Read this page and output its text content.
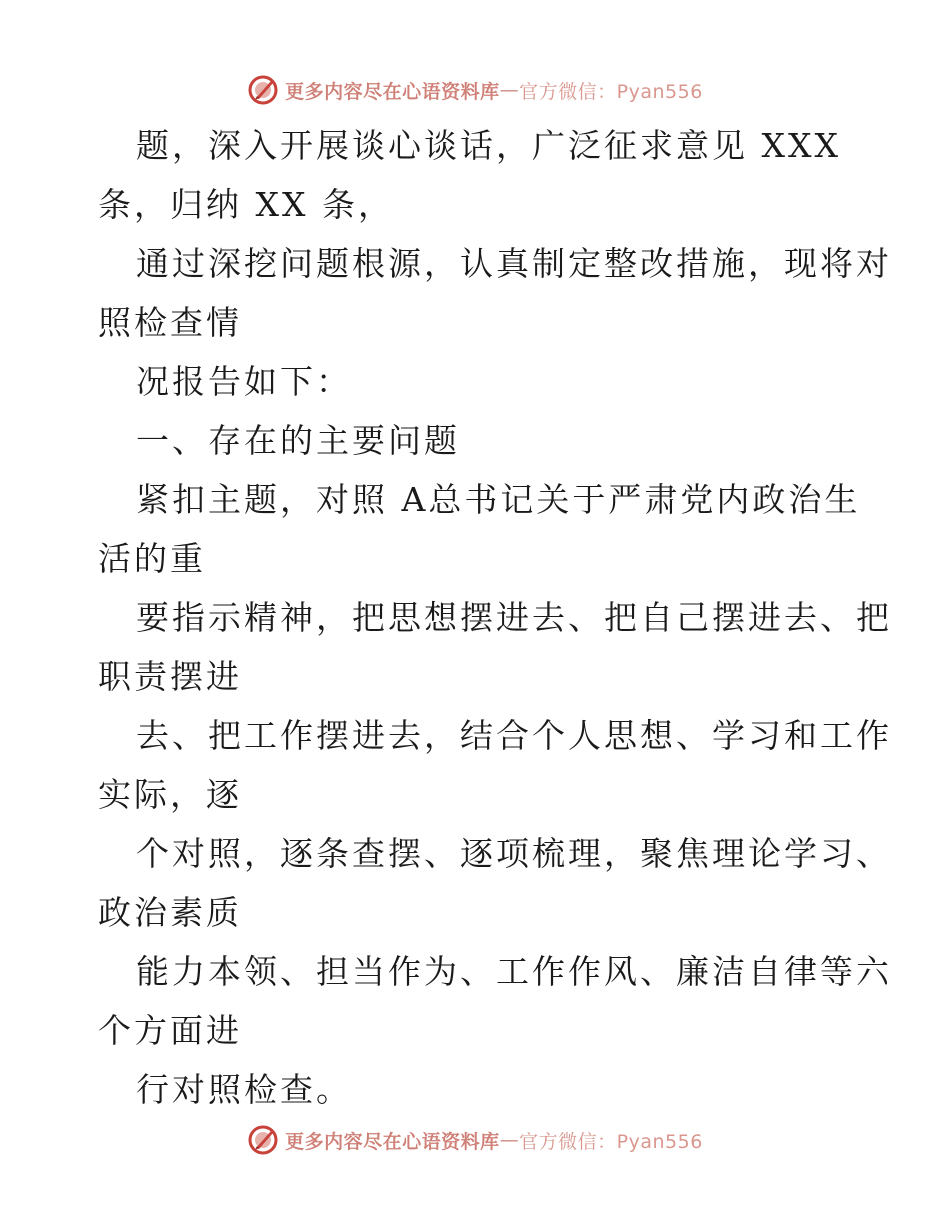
更多内容尽在心语资料库 — 官方微信：Pyan556
题，深入开展谈心谈话，广泛征求意见 XXX
条，归纳 XX 条，
通过深挖问题根源，认真制定整改措施，现将对
照检查情
况报告如下：
一、存在的主要问题
紧扣主题，对照 A总书记关于严肃党内政治生
活的重
要指示精神，把思想摆进去、把自己摆进去、把
职责摆进
去、把工作摆进去，结合个人思想、学习和工作
实际，逐
个对照，逐条查摆、逐项梳理，聚焦理论学习、
政治素质
能力本领、担当作为、工作作风、廉洁自律等六
个方面进
行对照检查。
更多内容尽在心语资料库 — 官方微信：Pyan556
